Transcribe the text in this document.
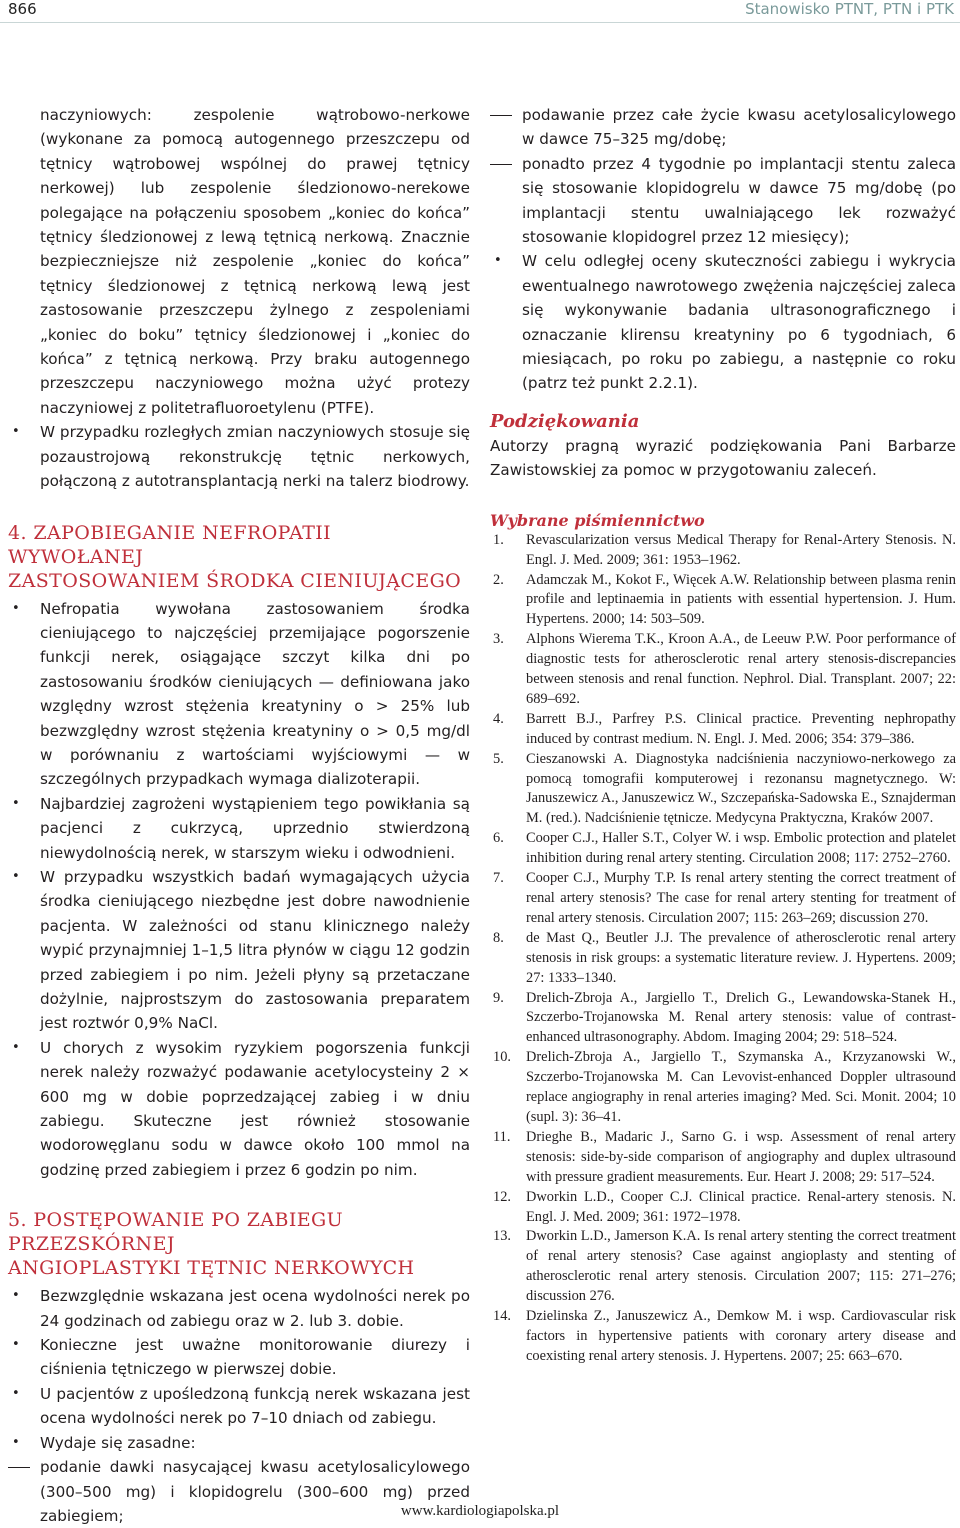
866	Stanowisko PTNT, PTN i PTK

naczyniowych: zespolenie wątrobowo-nerkowe (wykonane za pomocą autogennego przeszczepu od tętnicy wątrobowej wspólnej do prawej tętnicy nerkowej) lub zespolenie śledzionowo-nerekowe polegające na połączeniu sposobem „koniec do końca” tętnicy śledzionowej z lewą tętnicą nerkową. Znacznie bezpieczniejsze niż zespolenie „koniec do końca” tętnicy śledzionowej z tętnicą nerkową lewą jest zastosowanie przeszczepu żylnego z zespoleniami „koniec do boku” tętnicy śledzionowej i „koniec do końca” z tętnicą nerkową. Przy braku autogennego przeszczepu naczyniowego można użyć protezy naczyniowej z politetrafluoroetylenu (PTFE).

• W przypadku rozległych zmian naczyniowych stosuje się pozaustrojową rekonstrukcję tętnic nerkowych, połączoną z autotransplantacją nerki na talerz biodrowy.
4. ZAPOBIEGANIE NEFROPATII WYWOŁANEJ
ZASTOSOWANIEM ŚRODKA CIENIUJĄCEGO
• Nefropatia wywołana zastosowaniem środka cieniującego to najczęściej przemijające pogorszenie funkcji nerek, osiągające szczyt kilka dni po zastosowaniu środków cieniujących — definiowana jako względny wzrost stężenia kreatyniny o > 25% lub bezwzględny wzrost stężenia kreatyniny o > 0,5 mg/dl w porównaniu z wartościami wyjściowymi — w szczególnych przypadkach wymaga dializoterapii.
• Najbardziej zagrożeni wystąpieniem tego powikłania są pacjenci z cukrzycą, uprzednio stwierdzoną niewydolnością nerek, w starszym wieku i odwodnieni.
• W przypadku wszystkich badań wymagających użycia środka cieniującego niezbędne jest dobre nawodnienie pacjenta. W zależności od stanu klinicznego należy wypić przynajmniej 1–1,5 litra płynów w ciągu 12 godzin przed zabiegiem i po nim. Jeżeli płyny są przetaczane dożylnie, najprostszym do zastosowania preparatem jest roztwór 0,9% NaCl.
• U chorych z wysokim ryzykiem pogorszenia funkcji nerek należy rozważyć podawanie acetylocysteiny 2 × 600 mg w dobie poprzedzającej zabieg i w dniu zabiegu. Skuteczne jest również stosowanie wodorowęglanu sodu w dawce około 100 mmol na godzinę przed zabiegiem i przez 6 godzin po nim.
5. POSTĘPOWANIE PO ZABIEGU PRZEZSKÓRNEJ
ANGIOPLASTYKI TĘTNIC NERKOWYCH
• Bezwzględnie wskazana jest ocena wydolności nerek po 24 godzinach od zabiegu oraz w 2. lub 3. dobie.
• Konieczne jest uważne monitorowanie diurezy i ciśnienia tętniczego w pierwszej dobie.
• U pacjentów z upośledzoną funkcją nerek wskazana jest ocena wydolności nerek po 7–10 dniach od zabiegu.
• Wydaje się zasadne:
podanie dawki nasycającej kwasu acetylosalicylowego (300–500 mg) i klopidogrelu (300–600 mg) przed zabiegiem;
podawanie przez całe życie kwasu acetylosalicylowego w dawce 75–325 mg/dobę;
ponadto przez 4 tygodnie po implantacji stentu zaleca się stosowanie klopidogrelu w dawce 75 mg/dobę (po implantacji stentu uwalniającego lek rozważyć stosowanie klopidogrel przez 12 miesięcy);
• W celu odległej oceny skuteczności zabiegu i wykrycia ewentualnego nawrotowego zwężenia najczęściej zaleca się wykonywanie badania ultrasonograficznego i oznaczanie klirensu kreatyniny po 6 tygodniach, 6 miesiącach, po roku po zabiegu, a następnie co roku (patrz też punkt 2.2.1).

Podziękowania

Autorzy pragną wyrazić podziękowania Pani Barbarze Zawistowskiej za pomoc w przygotowaniu zaleceń.

Wybrane piśmiennictwo

1. Revascularization versus Medical Therapy for Renal-Artery Stenosis. N. Engl. J. Med. 2009; 361: 1953–1962.
2. Adamczak M., Kokot F., Więcek A.W. Relationship between plasma renin profile and leptinaemia in patients with essential hypertension. J. Hum. Hypertens. 2000; 14: 503–509.
3. Alphons Wierema T.K., Kroon A.A., de Leeuw P.W. Poor performance of diagnostic tests for atherosclerotic renal artery stenosis-discrepancies between stenosis and renal function. Nephrol. Dial. Transplant. 2007; 22: 689–692.
4. Barrett B.J., Parfrey P.S. Clinical practice. Preventing nephropathy induced by contrast medium. N. Engl. J. Med. 2006; 354: 379–386.
5. Cieszanowski A. Diagnostyka nadciśnienia naczyniowo-nerkowego za pomocą tomografii komputerowej i rezonansu magnetycznego. W: Januszewicz A., Januszewicz W., Szczepańska-Sadowska E., Sznajderman M. (red.). Nadciśnienie tętnicze. Medycyna Praktyczna, Kraków 2007.
6. Cooper C.J., Haller S.T., Colyer W. i wsp. Embolic protection and platelet inhibition during renal artery stenting. Circulation 2008; 117: 2752–2760.
7. Cooper C.J., Murphy T.P. Is renal artery stenting the correct treatment of renal artery stenosis? The case for renal artery stenting for treatment of renal artery stenosis. Circulation 2007; 115: 263–269; discussion 270.
8. de Mast Q., Beutler J.J. The prevalence of atherosclerotic renal artery stenosis in risk groups: a systematic literature review. J. Hypertens. 2009; 27: 1333–1340.
9. Drelich-Zbroja A., Jargiello T., Drelich G., Lewandowska-Stanek H., Szczerbo-Trojanowska M. Renal artery stenosis: value of contrast-enhanced ultrasonography. Abdom. Imaging 2004; 29: 518–524.
10. Drelich-Zbroja A., Jargiello T., Szymanska A., Krzyzanowski W., Szczerbo-Trojanowska M. Can Levovist-enhanced Doppler ultrasound replace angiography in renal arteries imaging? Med. Sci. Monit. 2004; 10 (supl. 3): 36–41.
11. Drieghe B., Madaric J., Sarno G. i wsp. Assessment of renal artery stenosis: side-by-side comparison of angiography and duplex ultrasound with pressure gradient measurements. Eur. Heart J. 2008; 29: 517–524.
12. Dworkin L.D., Cooper C.J. Clinical practice. Renal-artery stenosis. N. Engl. J. Med. 2009; 361: 1972–1978.
13. Dworkin L.D., Jamerson K.A. Is renal artery stenting the correct treatment of renal artery stenosis? Case against angioplasty and stenting of atherosclerotic renal artery stenosis. Circulation 2007; 115: 271–276; discussion 276.
14. Dzielinska Z., Januszewicz A., Demkow M. i wsp. Cardiovascular risk factors in hypertensive patients with coronary artery disease and coexisting renal artery stenosis. J. Hypertens. 2007; 25: 663–670.
www.kardiologiapolska.pl
